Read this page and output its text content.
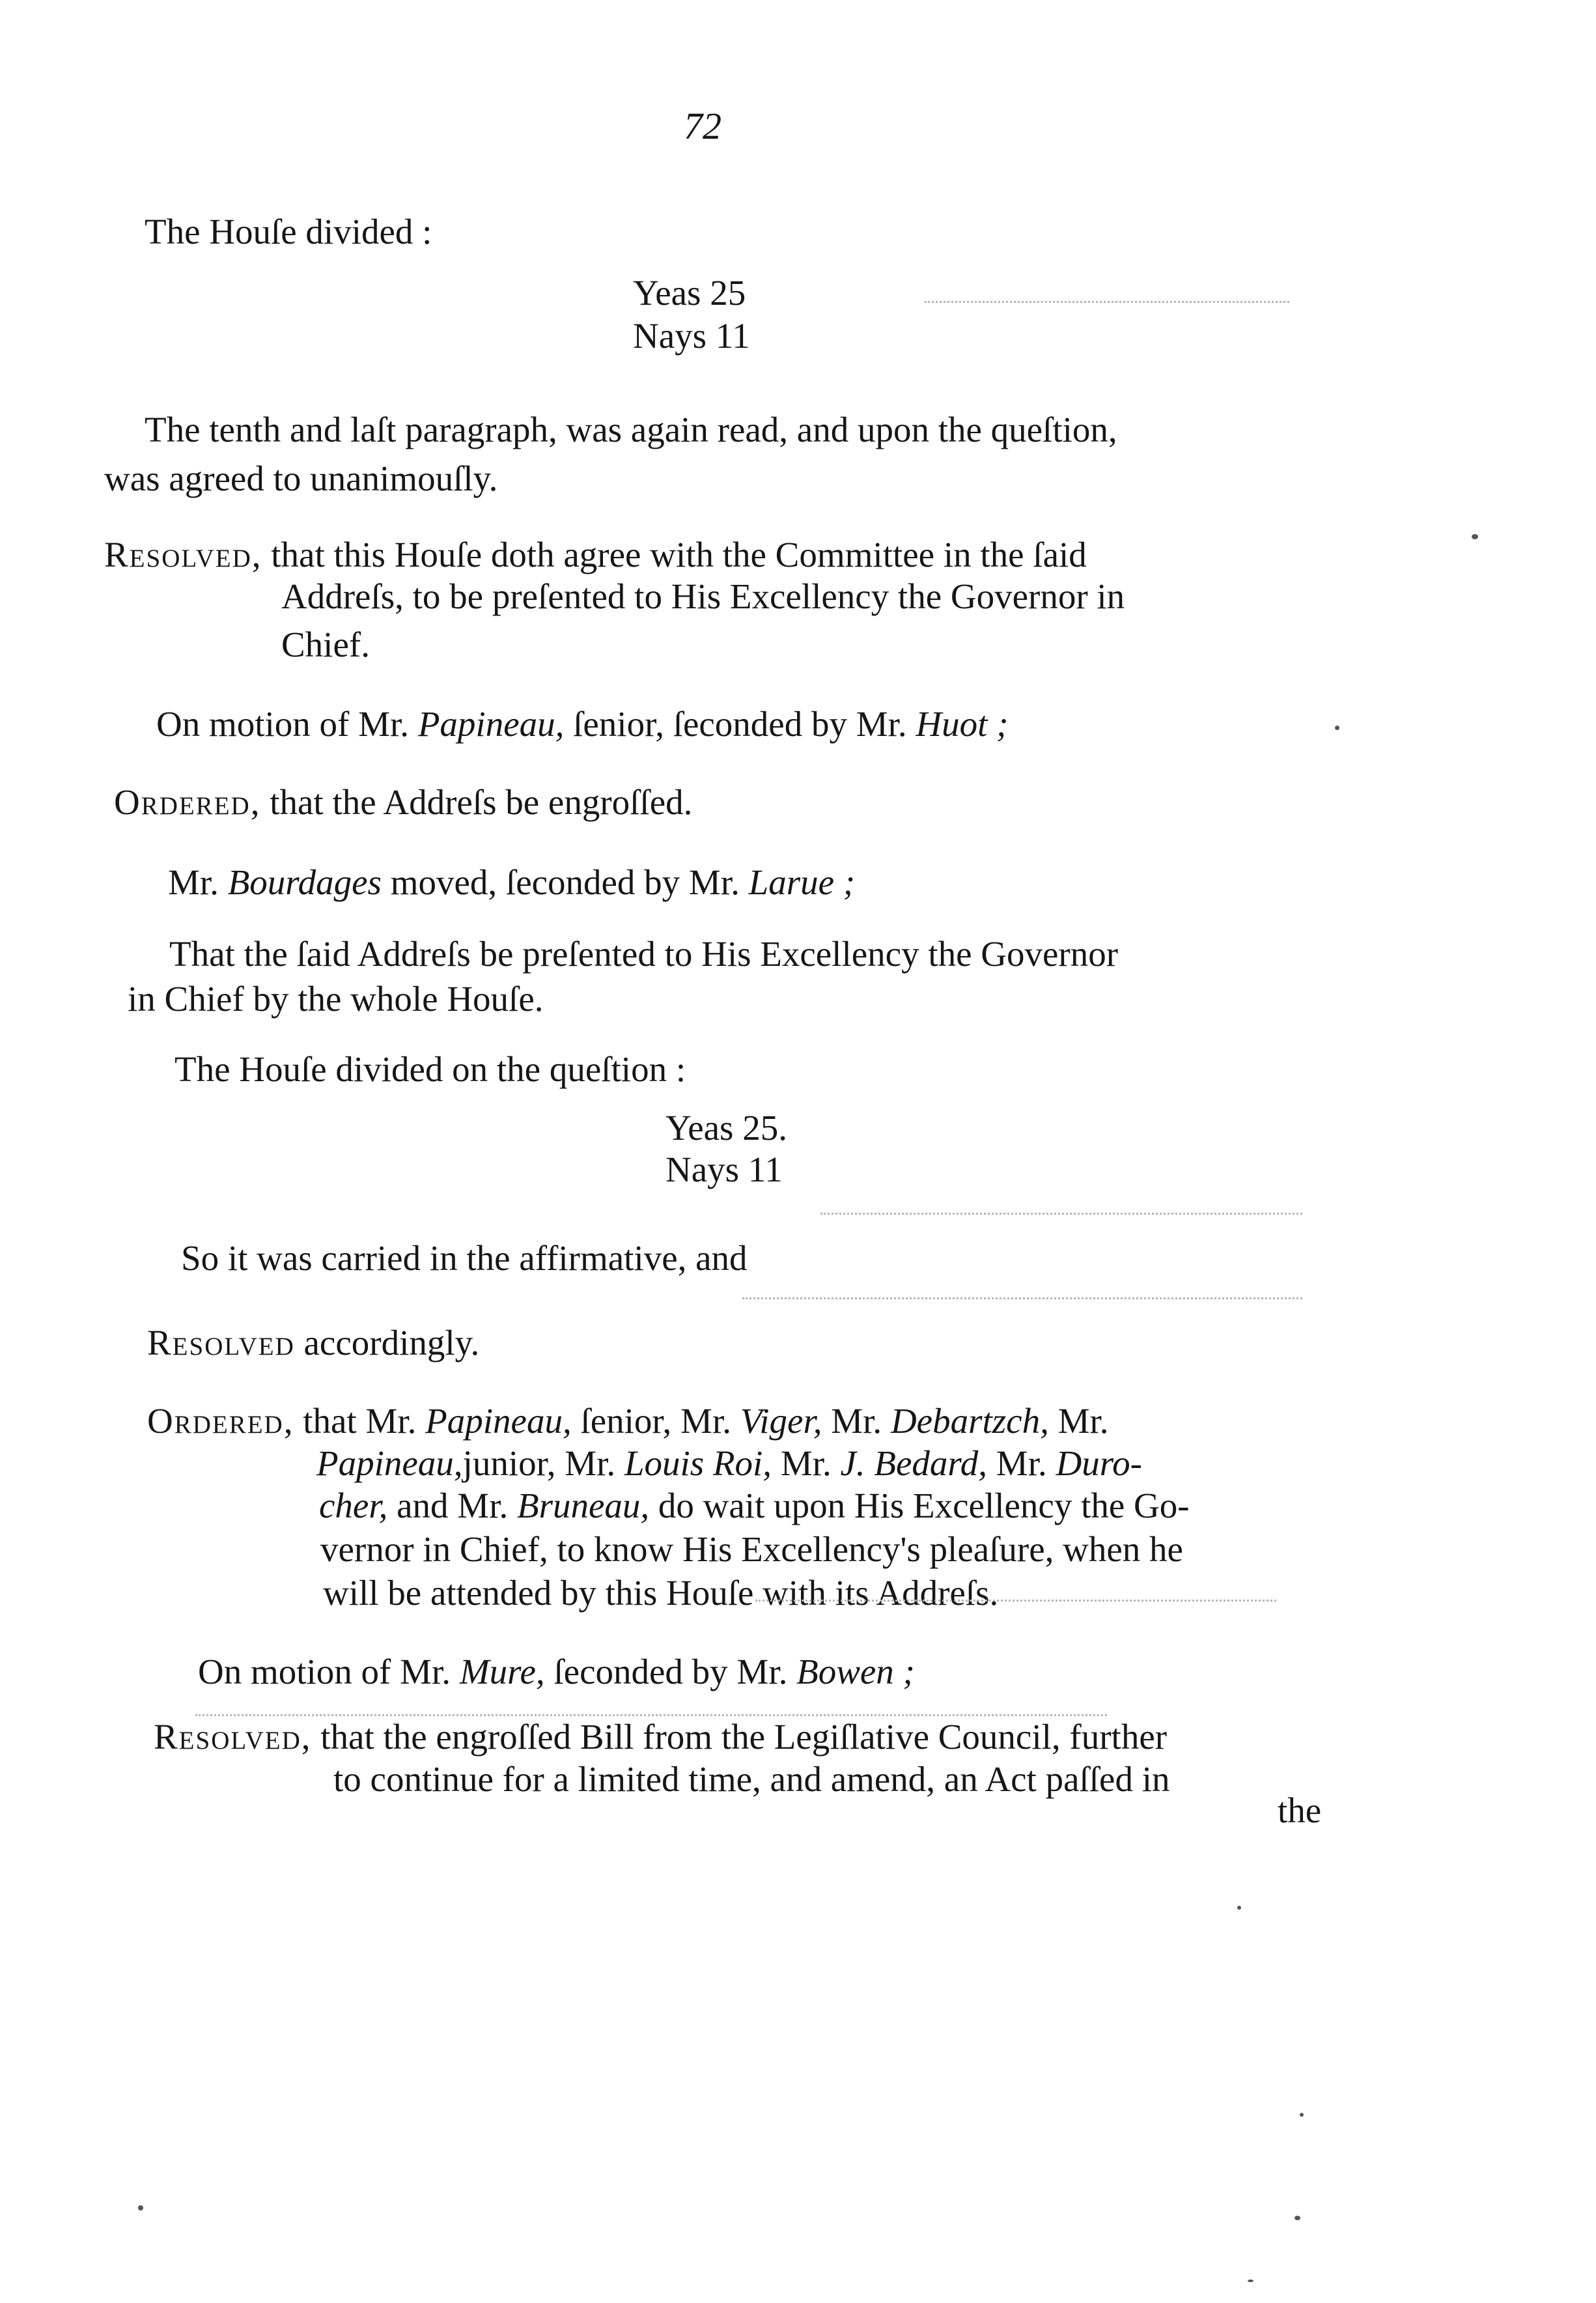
72
The Houſe divided :
Yeas 25
Nays 11
The tenth and laſt paragraph, was again read, and upon the queſtion,
was agreed to unanimouſly.
Resolved, that this Houſe doth agree with the Committee in the ſaid
Addreſs, to be preſented to His Excellency the Governor in
Chief.
On motion of Mr. Papineau, ſenior, ſeconded by Mr. Huot ;
Ordered, that the Addreſs be engroſſed.
Mr. Bourdages moved, ſeconded by Mr. Larue ;
That the ſaid Addreſs be preſented to His Excellency the Governor
in Chief by the whole Houſe.
The Houſe divided on the queſtion :
Yeas 25.
Nays 11
So it was carried in the affirmative, and
Resolved accordingly.
Ordered, that Mr. Papineau, ſenior, Mr. Viger, Mr. Debartzch, Mr.
Papineau,junior, Mr. Louis Roi, Mr. J. Bedard, Mr. Duro-
cher, and Mr. Bruneau, do wait upon His Excellency the Go-
vernor in Chief, to know His Excellency's pleaſure, when he
will be attended by this Houſe with its Addreſs.
On motion of Mr. Mure, ſeconded by Mr. Bowen ;
Resolved, that the engroſſed Bill from the Legiſlative Council, further
to continue for a limited time, and amend, an Act paſſed in
the
